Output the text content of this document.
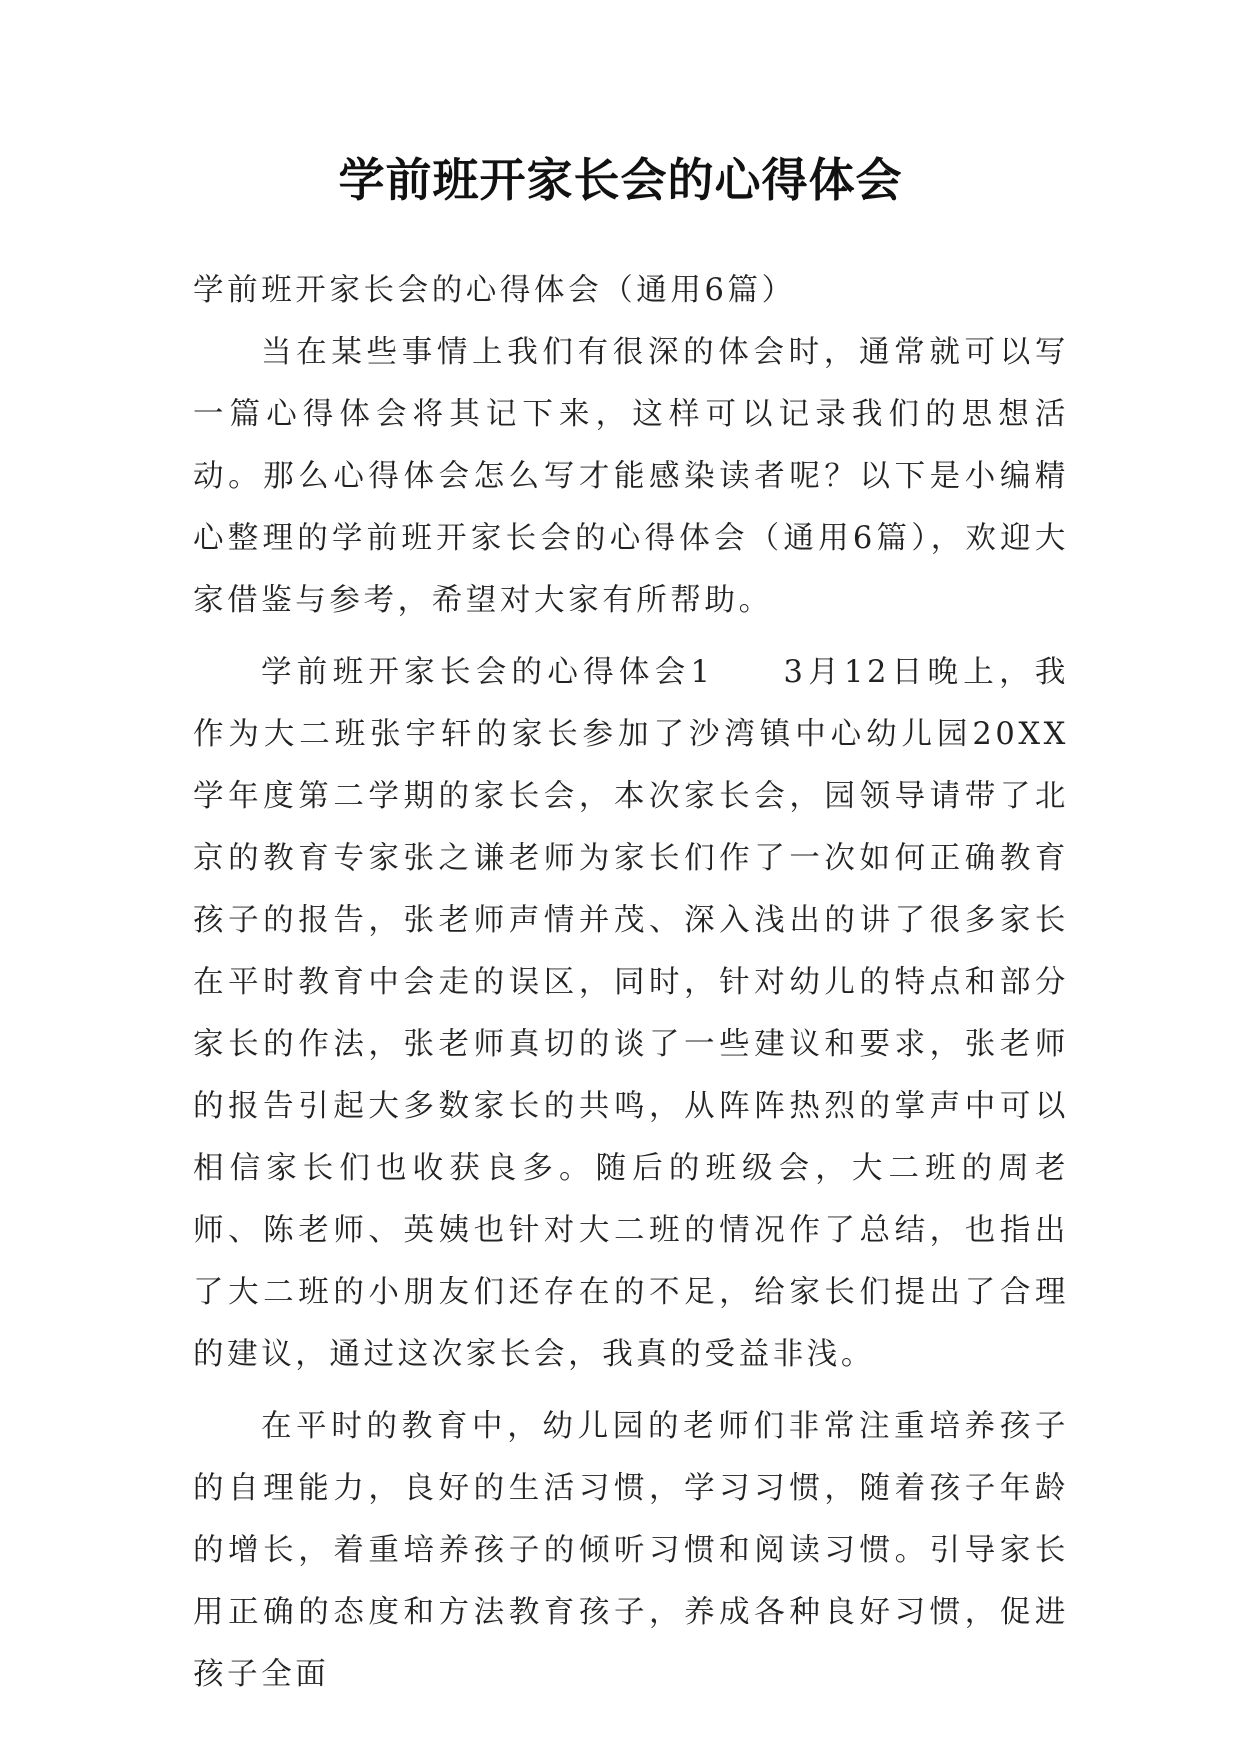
学前班开家长会的心得体会

学前班开家长会的心得体会（通用6篇）

当在某些事情上我们有很深的体会时，通常就可以写一篇心得体会将其记下来，这样可以记录我们的思想活动。那么心得体会怎么写才能感染读者呢？以下是小编精心整理的学前班开家长会的心得体会（通用6篇），欢迎大家借鉴与参考，希望对大家有所帮助。

学前班开家长会的心得体会1 3月12日晚上，我作为大二班张宇轩的家长参加了沙湾镇中心幼儿园20XX学年度第二学期的家长会，本次家长会，园领导请带了北京的教育专家张之谦老师为家长们作了一次如何正确教育孩子的报告，张老师声情并茂、深入浅出的讲了很多家长在平时教育中会走的误区，同时，针对幼儿的特点和部分家长的作法，张老师真切的谈了一些建议和要求，张老师的报告引起大多数家长的共鸣，从阵阵热烈的掌声中可以相信家长们也收获良多。随后的班级会，大二班的周老师、陈老师、英姨也针对大二班的情况作了总结，也指出了大二班的小朋友们还存在的不足，给家长们提出了合理的建议，通过这次家长会，我真的受益非浅。

在平时的教育中，幼儿园的老师们非常注重培养孩子的自理能力，良好的生活习惯，学习习惯，随着孩子年龄的增长，着重培养孩子的倾听习惯和阅读习惯。引导家长用正确的态度和方法教育孩子，养成各种良好习惯，促进孩子全面
